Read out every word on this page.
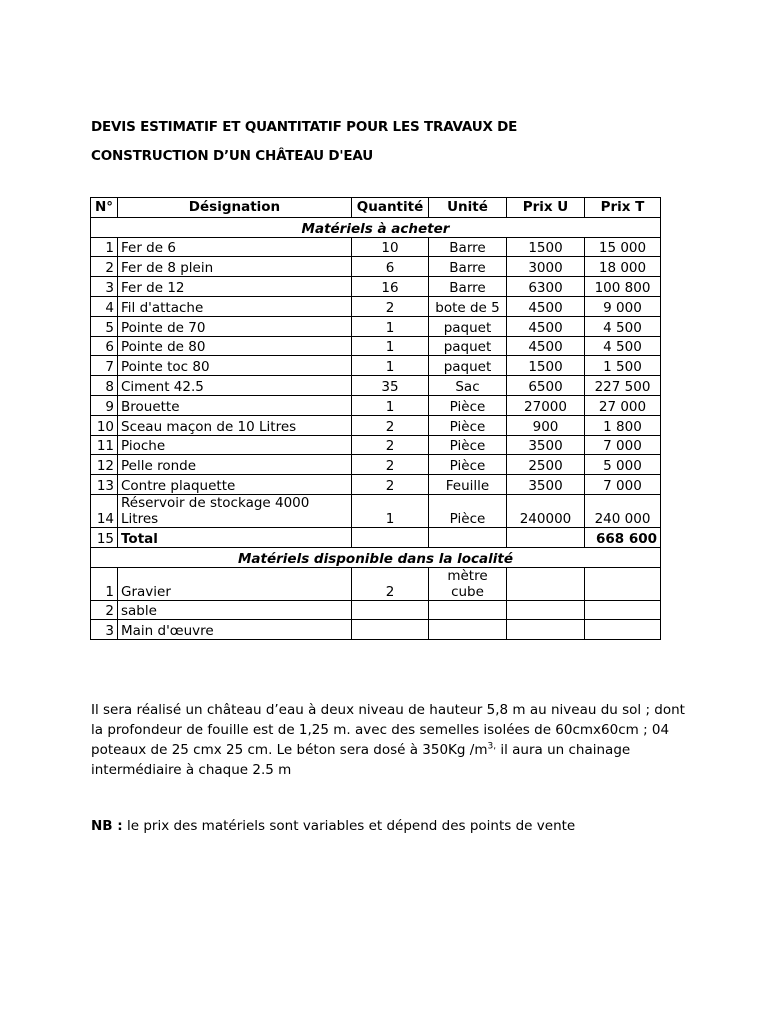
DEVIS ESTIMATIF ET QUANTITATIF POUR LES TRAVAUX DE
CONSTRUCTION D’UN CHÂTEAU D'EAU
N°	Désignation	Quantité	Unité	Prix U	Prix T
Matériels à acheter					
1	Fer de 6	10	Barre	1500	15 000
2	Fer de 8 plein	6	Barre	3000	18 000
3	Fer de 12	16	Barre	6300	100 800
4	Fil d'attache	2	bote de 5	4500	9 000
5	Pointe de 70	1	paquet	4500	4 500
6	Pointe de 80	1	paquet	4500	4 500
7	Pointe toc 80	1	paquet	1500	1 500
8	Ciment 42.5	35	Sac	6500	227 500
9	Brouette	1	Pièce	27000	27 000
10	Sceau maçon de 10 Litres	2	Pièce	900	1 800
11	Pioche	2	Pièce	3500	7 000
12	Pelle ronde	2	Pièce	2500	5 000
13	Contre plaquette	2	Feuille	3500	7 000
14	Réservoir de stockage 4000
Litres	1	Pièce	240000	240 000
15	Total				668 600
Matériels disponible dans la localité					
1	Gravier	2	mètre
cube		

2	sable				
3	Main d'œuvre				
Il sera réalisé un château d’eau à deux niveau de hauteur 5,8 m au niveau du sol ; dont la profondeur de fouille est de 1,25 m. avec des semelles isolées de 60cmx60cm ; 04 poteaux de 25 cmx 25 cm. Le béton sera dosé à 350Kg $/m^{3,}$ il aura un chainage intermédiaire à chaque 2.5 m
NB : le prix des matériels sont variables et dépend des points de vente
